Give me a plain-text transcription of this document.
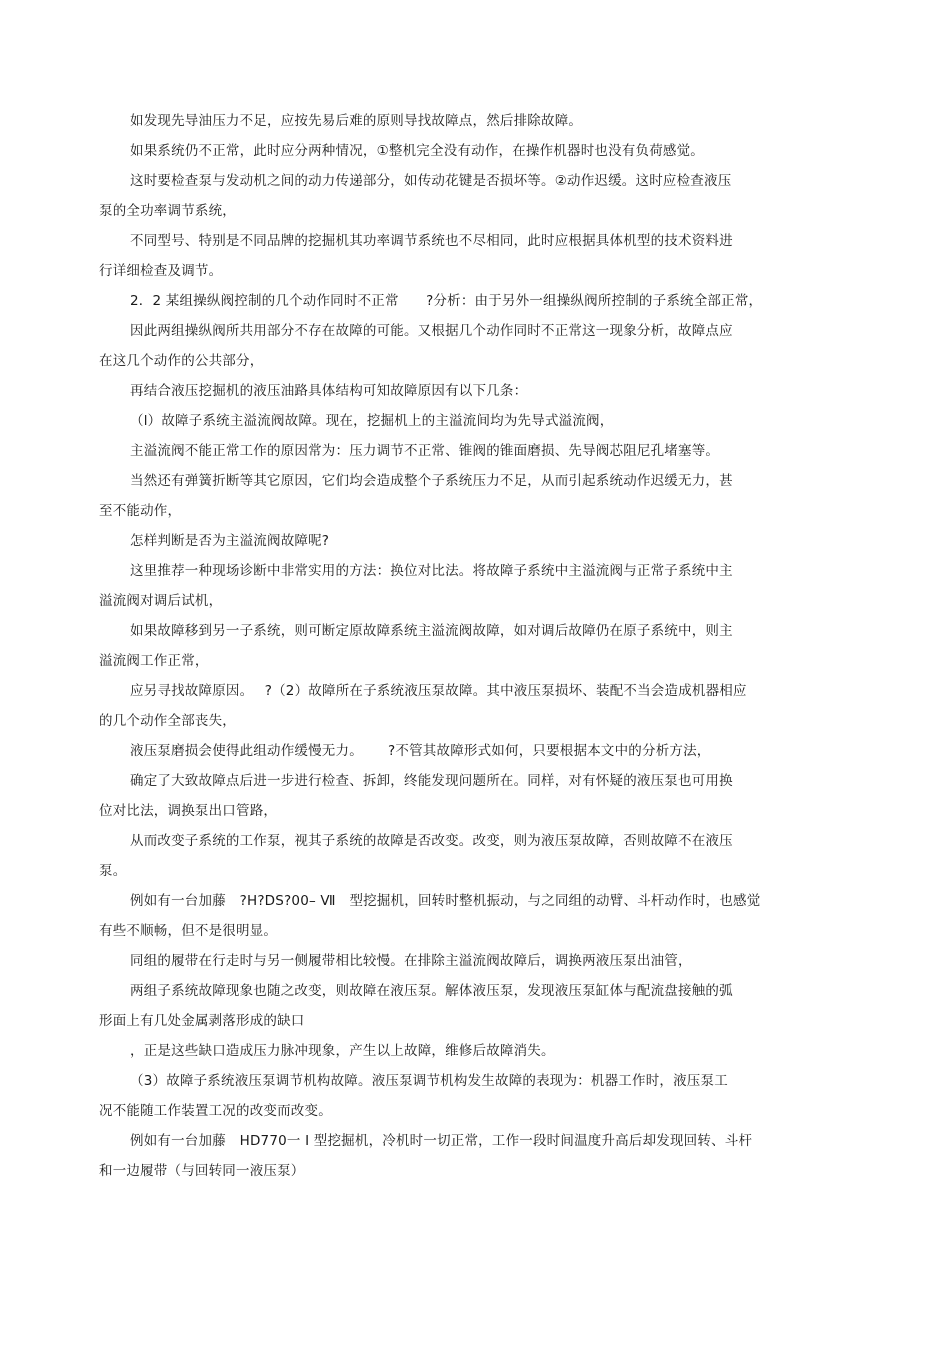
如发现先导油压力不足，应按先易后难的原则导找故障点，然后排除故障。

如果系统仍不正常，此时应分两种情况，①整机完全没有动作，在操作机器时也没有负荷感觉。

这时要检查泵与发动机之间的动力传递部分，如传动花键是否损坏等。②动作迟缓。这时应检查液压

泵的全功率调节系统，

不同型号、特别是不同品牌的挖掘机其功率调节系统也不尽相同，此时应根据具体机型的技术资料进

行详细检查及调节。

2．2 某组操纵阀控制的几个动作同时不正常　　?分析：由于另外一组操纵阀所控制的子系统全部正常，

因此两组操纵阀所共用部分不存在故障的可能。又根据几个动作同时不正常这一现象分析，故障点应

在这几个动作的公共部分，

再结合液压挖掘机的液压油路具体结构可知故障原因有以下几条：

（l）故障子系统主溢流阀故障。现在，挖掘机上的主溢流间均为先导式溢流阀，

主溢流阀不能正常工作的原因常为：压力调节不正常、锥阀的锥面磨损、先导阀芯阻尼孔堵塞等。

当然还有弹簧折断等其它原因，它们均会造成整个子系统压力不足，从而引起系统动作迟缓无力，甚

至不能动作，

怎样判断是否为主溢流阀故障呢?

这里推荐一种现场诊断中非常实用的方法：换位对比法。将故障子系统中主溢流阀与正常子系统中主

溢流阀对调后试机，

如果故障移到另一子系统，则可断定原故障系统主溢流阀故障，如对调后故障仍在原子系统中，则主

溢流阀工作正常，

应另寻找故障原因。　 ?（2）故障所在子系统液压泵故障。其中液压泵损坏、装配不当会造成机器相应

的几个动作全部丧失，

液压泵磨损会使得此组动作缓慢无力。　　 ?不管其故障形式如何，只要根据本文中的分析方法，

确定了大致故障点后进一步进行检查、拆卸，终能发现问题所在。同样，对有怀疑的液压泵也可用换

位对比法，调换泵出口管路，

从而改变子系统的工作泵，视其子系统的故障是否改变。改变，则为液压泵故障，否则故障不在液压

泵。

例如有一台加藤　?H?DS?00– Ⅶ　型挖掘机，回转时整机振动，与之同组的动臂、斗杆动作时，也感觉

有些不顺畅，但不是很明显。

同组的履带在行走时与另一侧履带相比较慢。在排除主溢流阀故障后，调换两液压泵出油管，

两组子系统故障现象也随之改变，则故障在液压泵。解体液压泵，发现液压泵缸体与配流盘接触的弧

形面上有几处金属剥落形成的缺口

，正是这些缺口造成压力脉冲现象，产生以上故障，维修后故障消失。

（3）故障子系统液压泵调节机构故障。液压泵调节机构发生故障的表现为：机器工作时，液压泵工

况不能随工作装置工况的改变而改变。

例如有一台加藤　HD770一 Ⅰ 型挖掘机，冷机时一切正常，工作一段时间温度升高后却发现回转、斗杆

和一边履带（与回转同一液压泵）
